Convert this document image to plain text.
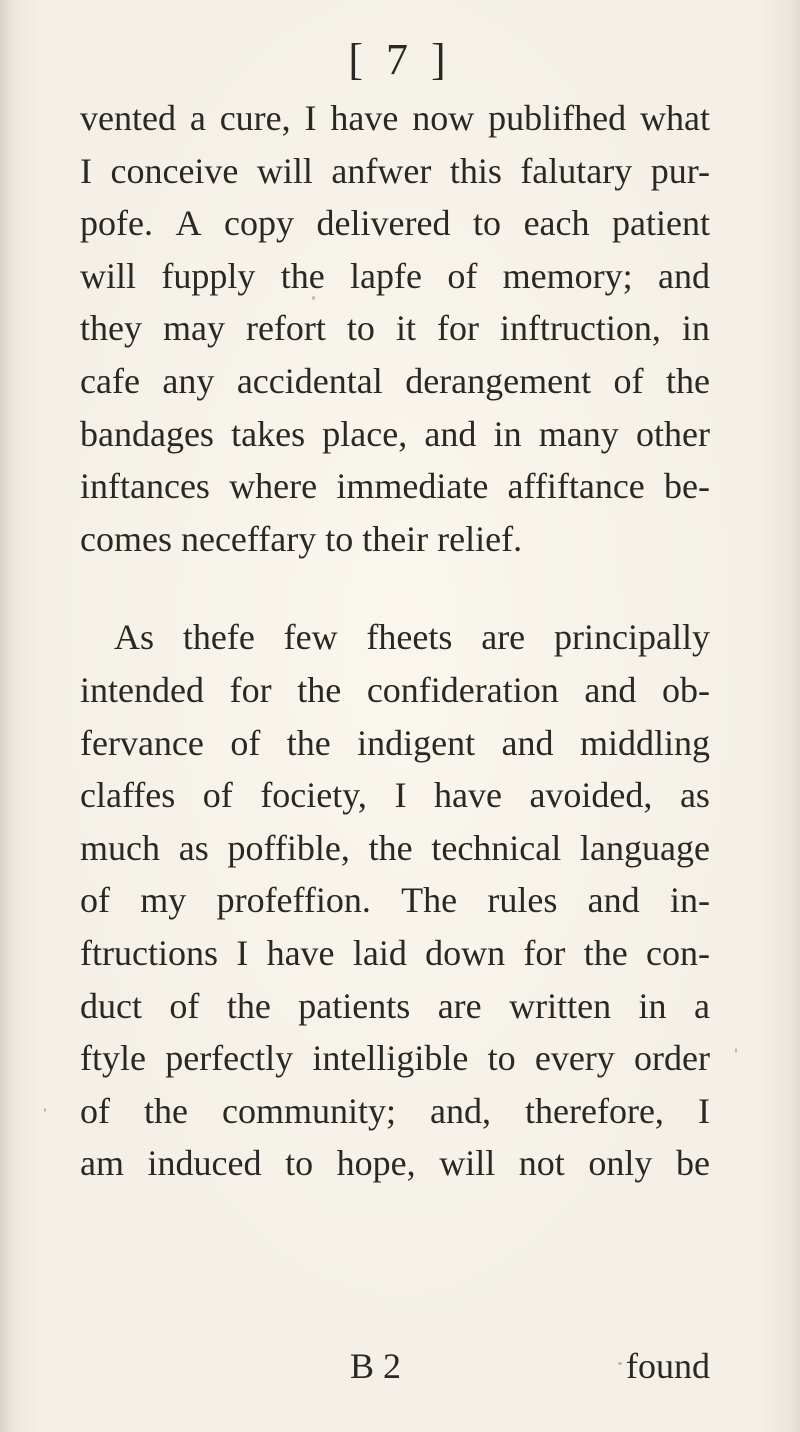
[ 7 ]
vented a cure, I have now publifhed what
I conceive will anfwer this falutary pur-
pofe. A copy delivered to each patient
will fupply the lapfe of memory; and
they may refort to it for inftruction, in
cafe any accidental derangement of the
bandages takes place, and in many other
inftances where immediate affiftance be-
comes neceffary to their relief.
As thefe few fheets are principally
intended for the confideration and ob-
fervance of the indigent and middling
claffes of fociety, I have avoided, as
much as poffible, the technical language
of my profeffion. The rules and in-
ftructions I have laid down for the con-
duct of the patients are written in a
ftyle perfectly intelligible to every order
of the community; and, therefore, I
am induced to hope, will not only be
B 2	found
